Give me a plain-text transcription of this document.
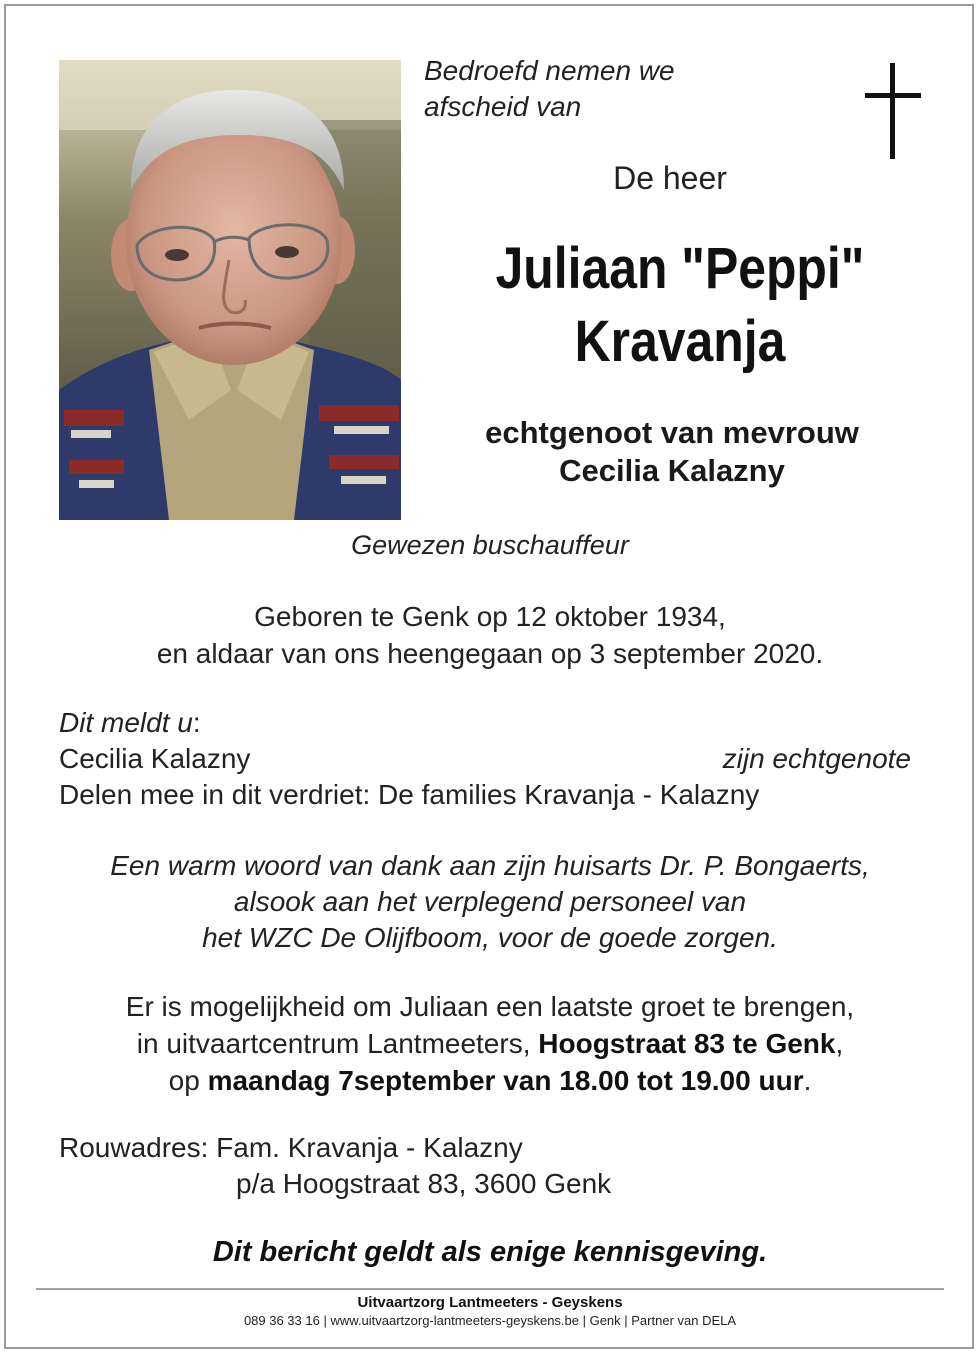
Bedroefd nemen we
afscheid van
De heer
Juliaan "Peppi"
Kravanja
echtgenoot van mevrouw
Cecilia Kalazny
Gewezen buschauffeur
Geboren te Genk op 12 oktober 1934,
en aldaar van ons heengegaan op 3 september 2020.
Dit meldt u:
Cecilia Kalazny	zijn echtgenote
Delen mee in dit verdriet: De families Kravanja - Kalazny
Een warm woord van dank aan zijn huisarts Dr. P. Bongaerts,
alsook aan het verplegend personeel van
het WZC De Olijfboom, voor de goede zorgen.
Er is mogelijkheid om Juliaan een laatste groet te brengen,
in uitvaartcentrum Lantmeeters, Hoogstraat 83 te Genk,
op maandag 7september van 18.00 tot 19.00 uur.
Rouwadres: Fam. Kravanja - Kalazny
p/a Hoogstraat 83, 3600 Genk
Dit bericht geldt als enige kennisgeving.
Uitvaartzorg Lantmeeters - Geyskens
089 36 33 16 | www.uitvaartzorg-lantmeeters-geyskens.be | Genk | Partner van DELA
